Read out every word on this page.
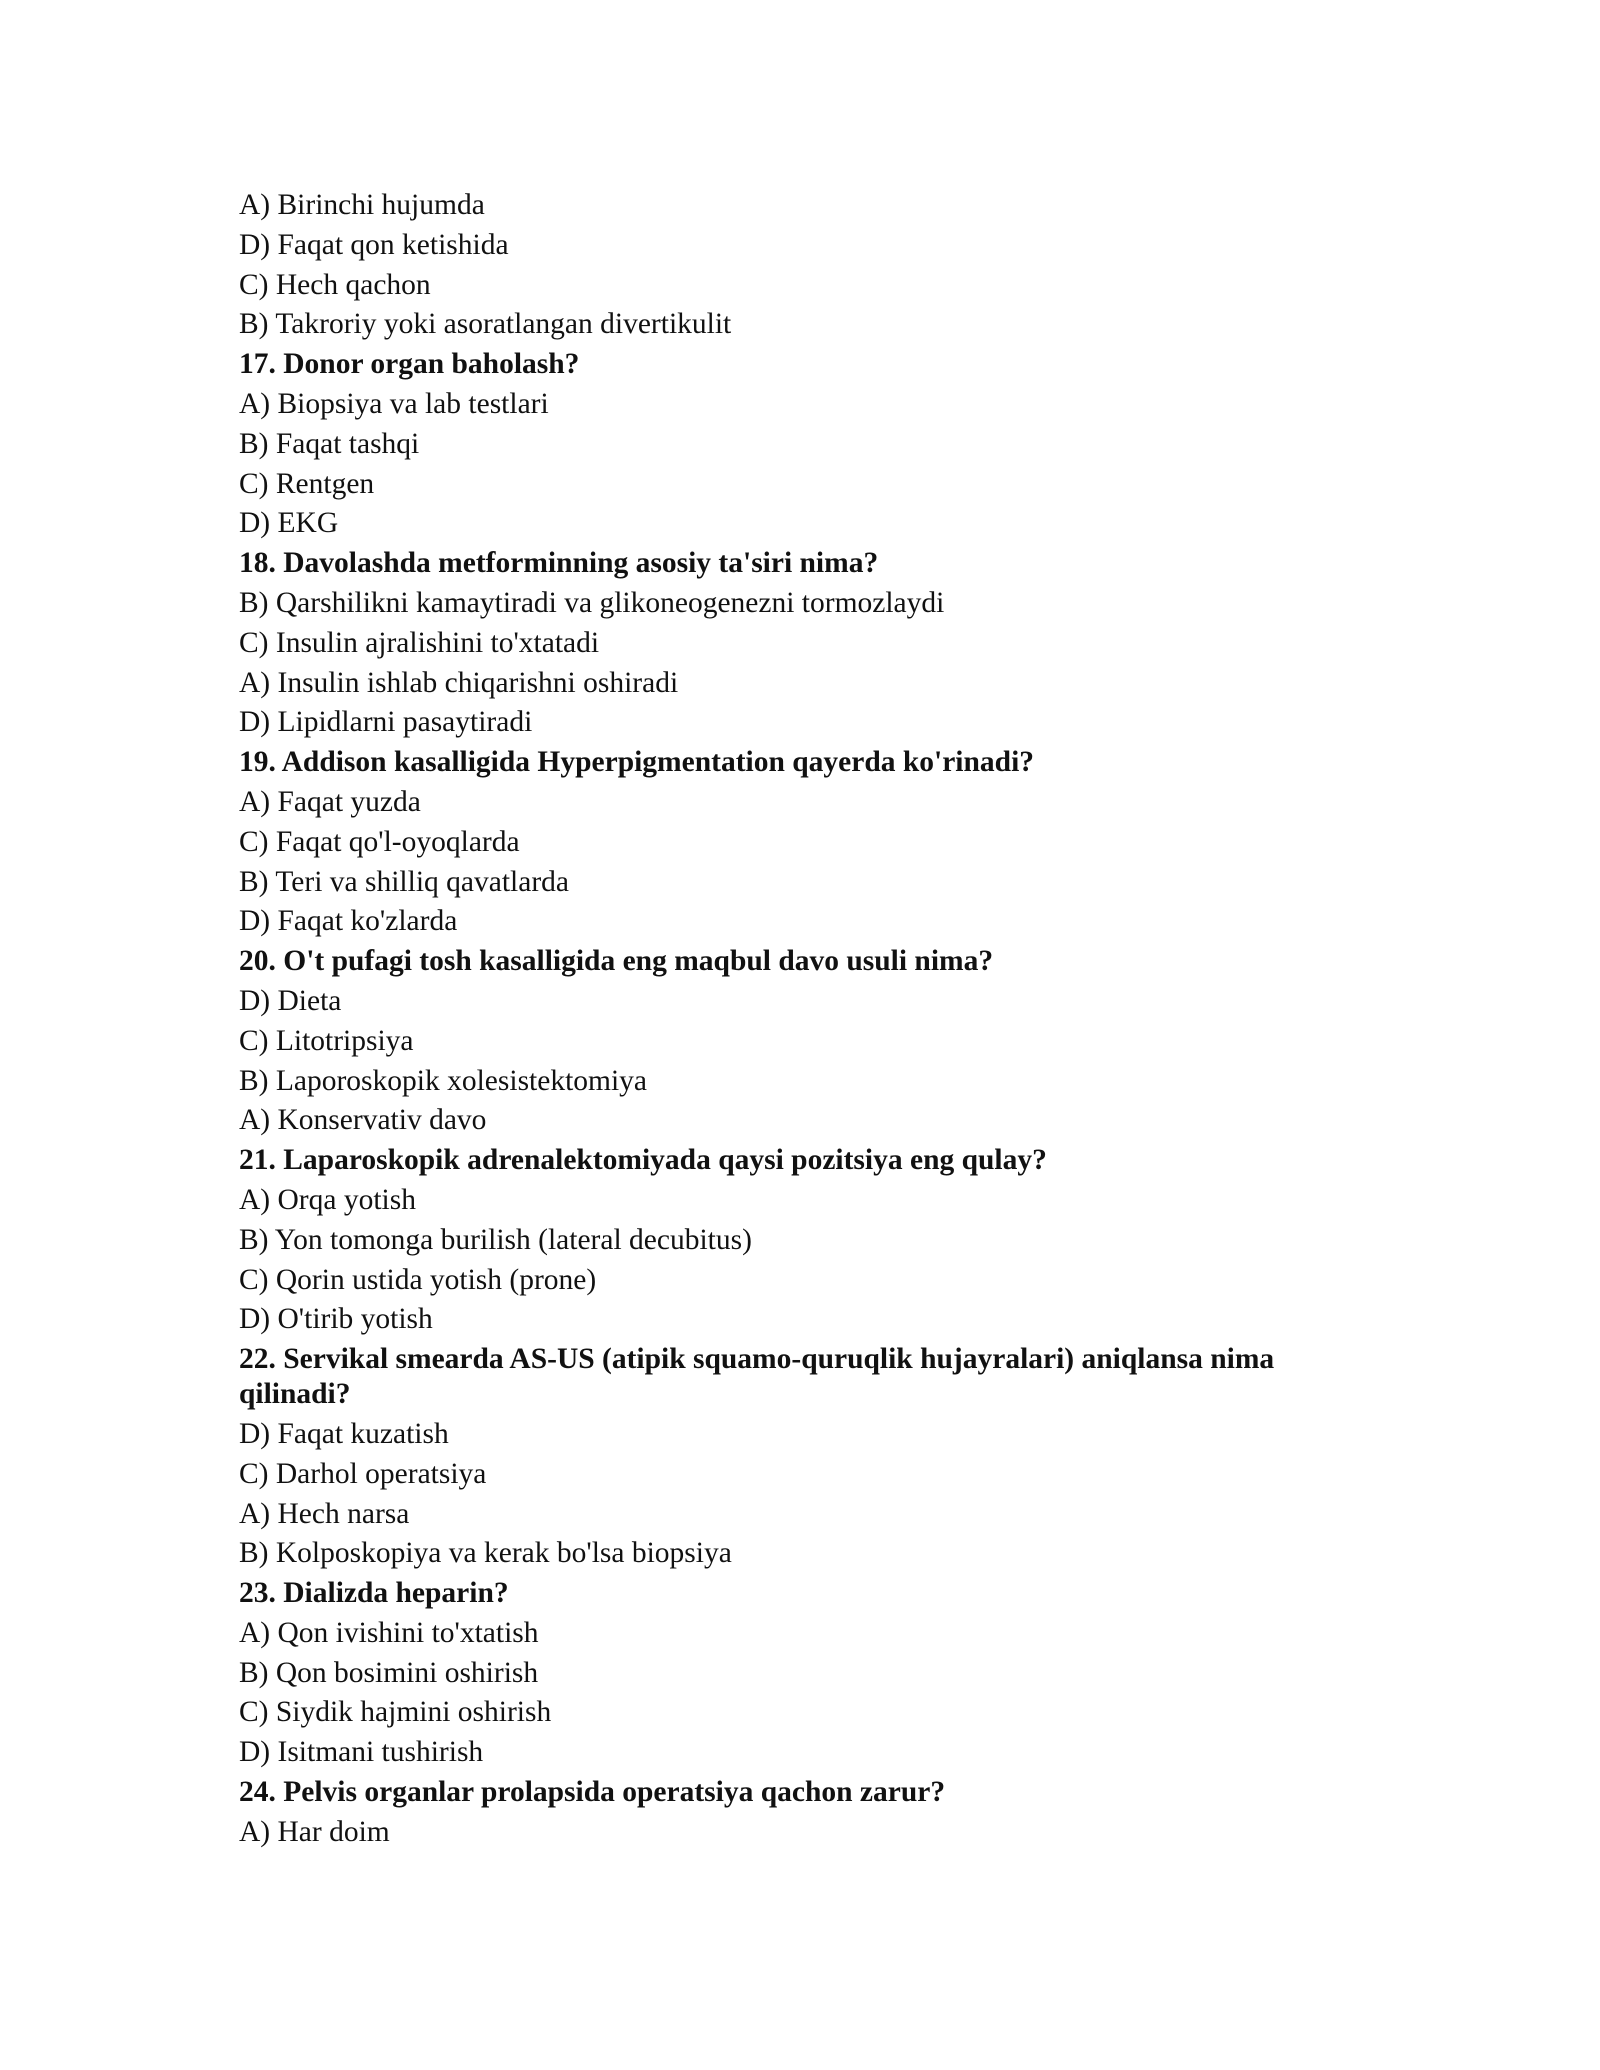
A) Birinchi hujumda
D) Faqat qon ketishida
C) Hech qachon
B) Takroriy yoki asoratlangan divertikulit
17. Donor organ baholash?
A) Biopsiya va lab testlari
B) Faqat tashqi
C) Rentgen
D) EKG
18. Davolashda metforminning asosiy ta'siri nima?
B) Qarshilikni kamaytiradi va glikoneogenezni tormozlaydi
C) Insulin ajralishini to'xtatadi
A) Insulin ishlab chiqarishni oshiradi
D) Lipidlarni pasaytiradi
19. Addison kasalligida Hyperpigmentation qayerda ko'rinadi?
A) Faqat yuzda
C) Faqat qo'l-oyoqlarda
B) Teri va shilliq qavatlarda
D) Faqat ko'zlarda
20. O't pufagi tosh kasalligida eng maqbul davo usuli nima?
D) Dieta
C) Litotripsiya
B) Laporoskopik xolesistektomiya
A) Konservativ davo
21. Laparoskopik adrenalektomiyada qaysi pozitsiya eng qulay?
A) Orqa yotish
B) Yon tomonga burilish (lateral decubitus)
C) Qorin ustida yotish (prone)
D) O'tirib yotish
22. Servikal smearda AS-US (atipik squamo-quruqlik hujayralari) aniqlansa nima qilinadi?
D) Faqat kuzatish
C) Darhol operatsiya
A) Hech narsa
B) Kolposkopiya va kerak bo'lsa biopsiya
23. Dializda heparin?
A) Qon ivishini to'xtatish
B) Qon bosimini oshirish
C) Siydik hajmini oshirish
D) Isitmani tushirish
24. Pelvis organlar prolapsida operatsiya qachon zarur?
A) Har doim
